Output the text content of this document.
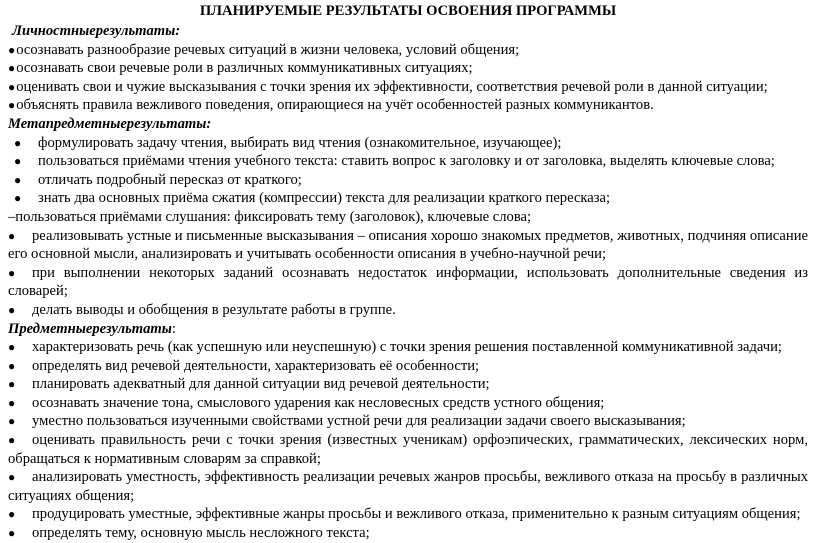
ПЛАНИРУЕМЫЕ РЕЗУЛЬТАТЫ ОСВОЕНИЯ ПРОГРАММЫ

Личностныерезультаты:

●осознавать разнообразие речевых ситуаций в жизни человека, условий общения;

●осознавать свои речевые роли в различных коммуникативных ситуациях;

●оценивать свои и чужие высказывания с точки зрения их эффективности, соответствия речевой роли в данной ситуации;

●объяснять правила вежливого поведения, опирающиеся на учёт особенностей разных коммуникантов.

Метапредметныерезультаты:

● формулировать задачу чтения, выбирать вид чтения (ознакомительное, изучающее);

● пользоваться приёмами чтения учебного текста: ставить вопрос к заголовку и от заголовка, выделять ключевые слова;

● отличать подробный пересказ от краткого;

● знать два основных приёма сжатия (компрессии) текста для реализации краткого пересказа;

–пользоваться приёмами слушания: фиксировать тему (заголовок), ключевые слова;

● реализовывать устные и письменные высказывания – описания хорошо знакомых предметов, животных, подчиняя описание его основной мысли, анализировать и учитывать особенности описания в учебно-научной речи;

● при выполнении некоторых заданий осознавать недостаток информации, использовать дополнительные сведения из словарей;

● делать выводы и обобщения в результате работы в группе.

Предметныерезультаты:

● характеризовать речь (как успешную или неуспешную) с точки зрения решения поставленной коммуникативной задачи;

● определять вид речевой деятельности, характеризовать её особенности;

● планировать адекватный для данной ситуации вид речевой деятельности;

● осознавать значение тона, смыслового ударения как несловесных средств устного общения;

● уместно пользоваться изученными свойствами устной речи для реализации задачи своего высказывания;

● оценивать правильность речи с точки зрения (известных ученикам) орфоэпических, грамматических, лексических норм, обращаться к нормативным словарям за справкой;

● анализировать уместность, эффективность реализации речевых жанров просьбы, вежливого отказа на просьбу в различных ситуациях общения;

● продуцировать уместные, эффективные жанры просьбы и вежливого отказа, применительно к разным ситуациям общения;

● определять тему, основную мысль несложного текста;
